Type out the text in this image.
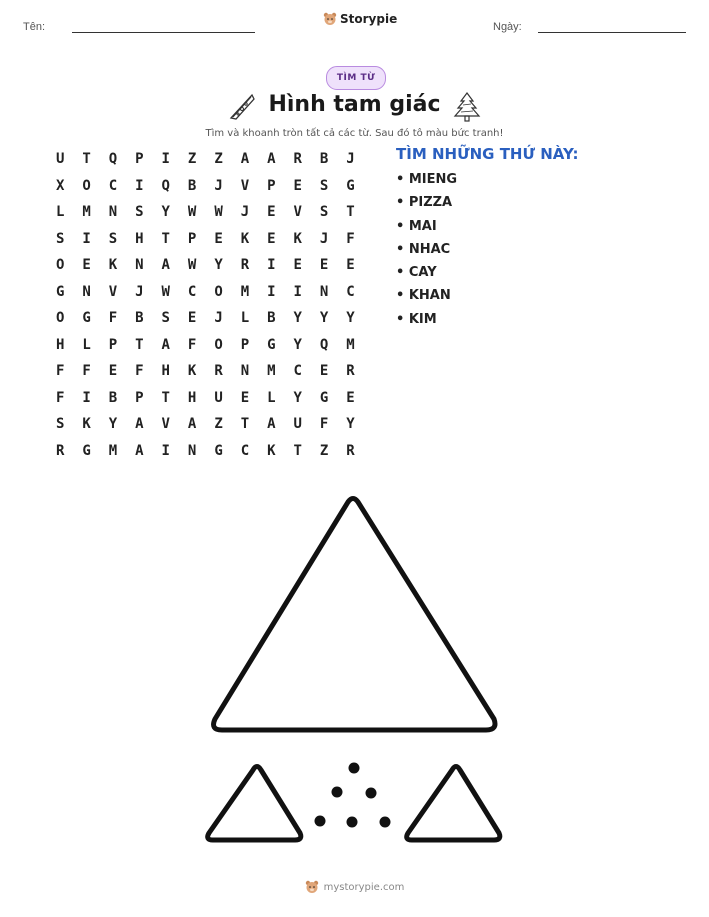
Tên:
Storypie
Ngày:
TÌM TỪ
Hình tam giác
Tìm và khoanh tròn tất cả các từ. Sau đó tô màu bức tranh!
U	T	Q	P	I	Z	Z	A	A	R	B	J
X	O	C	I	Q	B	J	V	P	E	S	G
L	M	N	S	Y	W	W	J	E	V	S	T
S	I	S	H	T	P	E	K	E	K	J	F
O	E	K	N	A	W	Y	R	I	E	E	E
G	N	V	J	W	C	O	M	I	I	N	C
O	G	F	B	S	E	J	L	B	Y	Y	Y
H	L	P	T	A	F	O	P	G	Y	Q	M
F	F	E	F	H	K	R	N	M	C	E	R
F	I	B	P	T	H	U	E	L	Y	G	E
S	K	Y	A	V	A	Z	T	A	U	F	Y
R	G	M	A	I	N	G	C	K	T	Z	R
TÌM NHỮNG THỨ NÀY:
• MIENG
• PIZZA
• MAI
• NHAC
• CAY
• KHAN
• KIM
mystorypie.com
